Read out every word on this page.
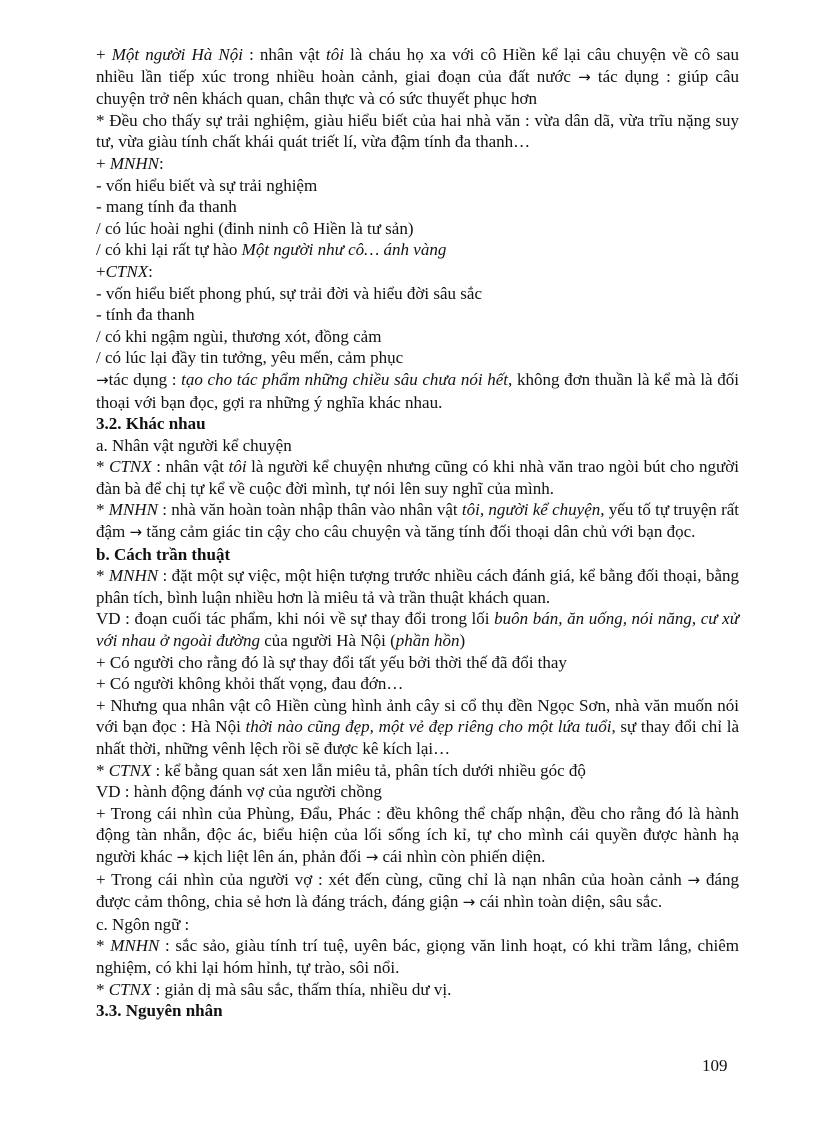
+ Một người Hà Nội : nhân vật tôi là cháu họ xa với cô Hiền kể lại câu chuyện về cô sau nhiều lần tiếp xúc trong nhiều hoàn cảnh, giai đoạn của đất nước → tác dụng : giúp câu chuyện trở nên khách quan, chân thực và có sức thuyết phục hơn

* Đều cho thấy sự trải nghiệm, giàu hiểu biết của hai nhà văn : vừa dân dã, vừa trĩu nặng suy tư, vừa giàu tính chất khái quát triết lí, vừa đậm tính đa thanh…

+ MNHN:

- vốn hiểu biết và sự trải nghiệm

- mang tính đa thanh

/ có lúc hoài nghi (đinh ninh cô Hiền là tư sản)

/ có khi lại rất tự hào Một người như cô… ánh vàng

+CTNX:

- vốn hiểu biết phong phú, sự trải đời và hiểu đời sâu sắc

- tính đa thanh

/ có khi ngậm ngùi, thương xót, đồng cảm

/ có lúc lại đầy tin tưởng, yêu mến, cảm phục

→tác dụng : tạo cho tác phẩm những chiều sâu chưa nói hết, không đơn thuần là kể mà là đối thoại với bạn đọc, gợi ra những ý nghĩa khác nhau.

3.2. Khác nhau

a. Nhân vật người kể chuyện

* CTNX : nhân vật tôi là người kể chuyện nhưng cũng có khi nhà văn trao ngòi bút cho người đàn bà để chị tự kể về cuộc đời mình, tự nói lên suy nghĩ của mình.

* MNHN : nhà văn hoàn toàn nhập thân vào nhân vật tôi, người kể chuyện, yếu tố tự truyện rất đậm → tăng cảm giác tin cậy cho câu chuyện và tăng tính đối thoại dân chủ với bạn đọc.

b. Cách trần thuật

* MNHN : đặt một sự việc, một hiện tượng trước nhiều cách đánh giá, kể bằng đối thoại, bằng phân tích, bình luận nhiều hơn là miêu tả và trần thuật khách quan.

VD : đoạn cuối tác phẩm, khi nói về sự thay đổi trong lối buôn bán, ăn uống, nói năng, cư xử với nhau ở ngoài đường của người Hà Nội (phần hồn)

+ Có người cho rằng đó là sự thay đổi tất yếu bởi thời thế đã đổi thay

+ Có người không khỏi thất vọng, đau đớn…

+ Nhưng qua nhân vật cô Hiền cùng hình ảnh cây si cổ thụ đền Ngọc Sơn, nhà văn muốn nói với bạn đọc : Hà Nội thời nào cũng đẹp, một vẻ đẹp riêng cho một lứa tuổi, sự thay đổi chỉ là nhất thời, những vênh lệch rồi sẽ được kê kích lại…

* CTNX : kể bằng quan sát xen lẫn miêu tả, phân tích dưới nhiều góc độ

VD : hành động đánh vợ của người chồng

+ Trong cái nhìn của Phùng, Đẩu, Phác : đều không thể chấp nhận, đều cho rằng đó là hành động tàn nhẫn, độc ác, biểu hiện của lối sống ích kỉ, tự cho mình cái quyền được hành hạ người khác → kịch liệt lên án, phản đối → cái nhìn còn phiến diện.

+ Trong cái nhìn của người vợ : xét đến cùng, cũng chỉ là nạn nhân của hoàn cảnh → đáng được cảm thông, chia sẻ hơn là đáng trách, đáng giận → cái nhìn toàn diện, sâu sắc.

c. Ngôn ngữ :

* MNHN : sắc sảo, giàu tính trí tuệ, uyên bác, giọng văn linh hoạt, có khi trầm lắng, chiêm nghiệm, có khi lại hóm hỉnh, tự trào, sôi nổi.

* CTNX : giản dị mà sâu sắc, thấm thía, nhiều dư vị.

3.3. Nguyên nhân

109
